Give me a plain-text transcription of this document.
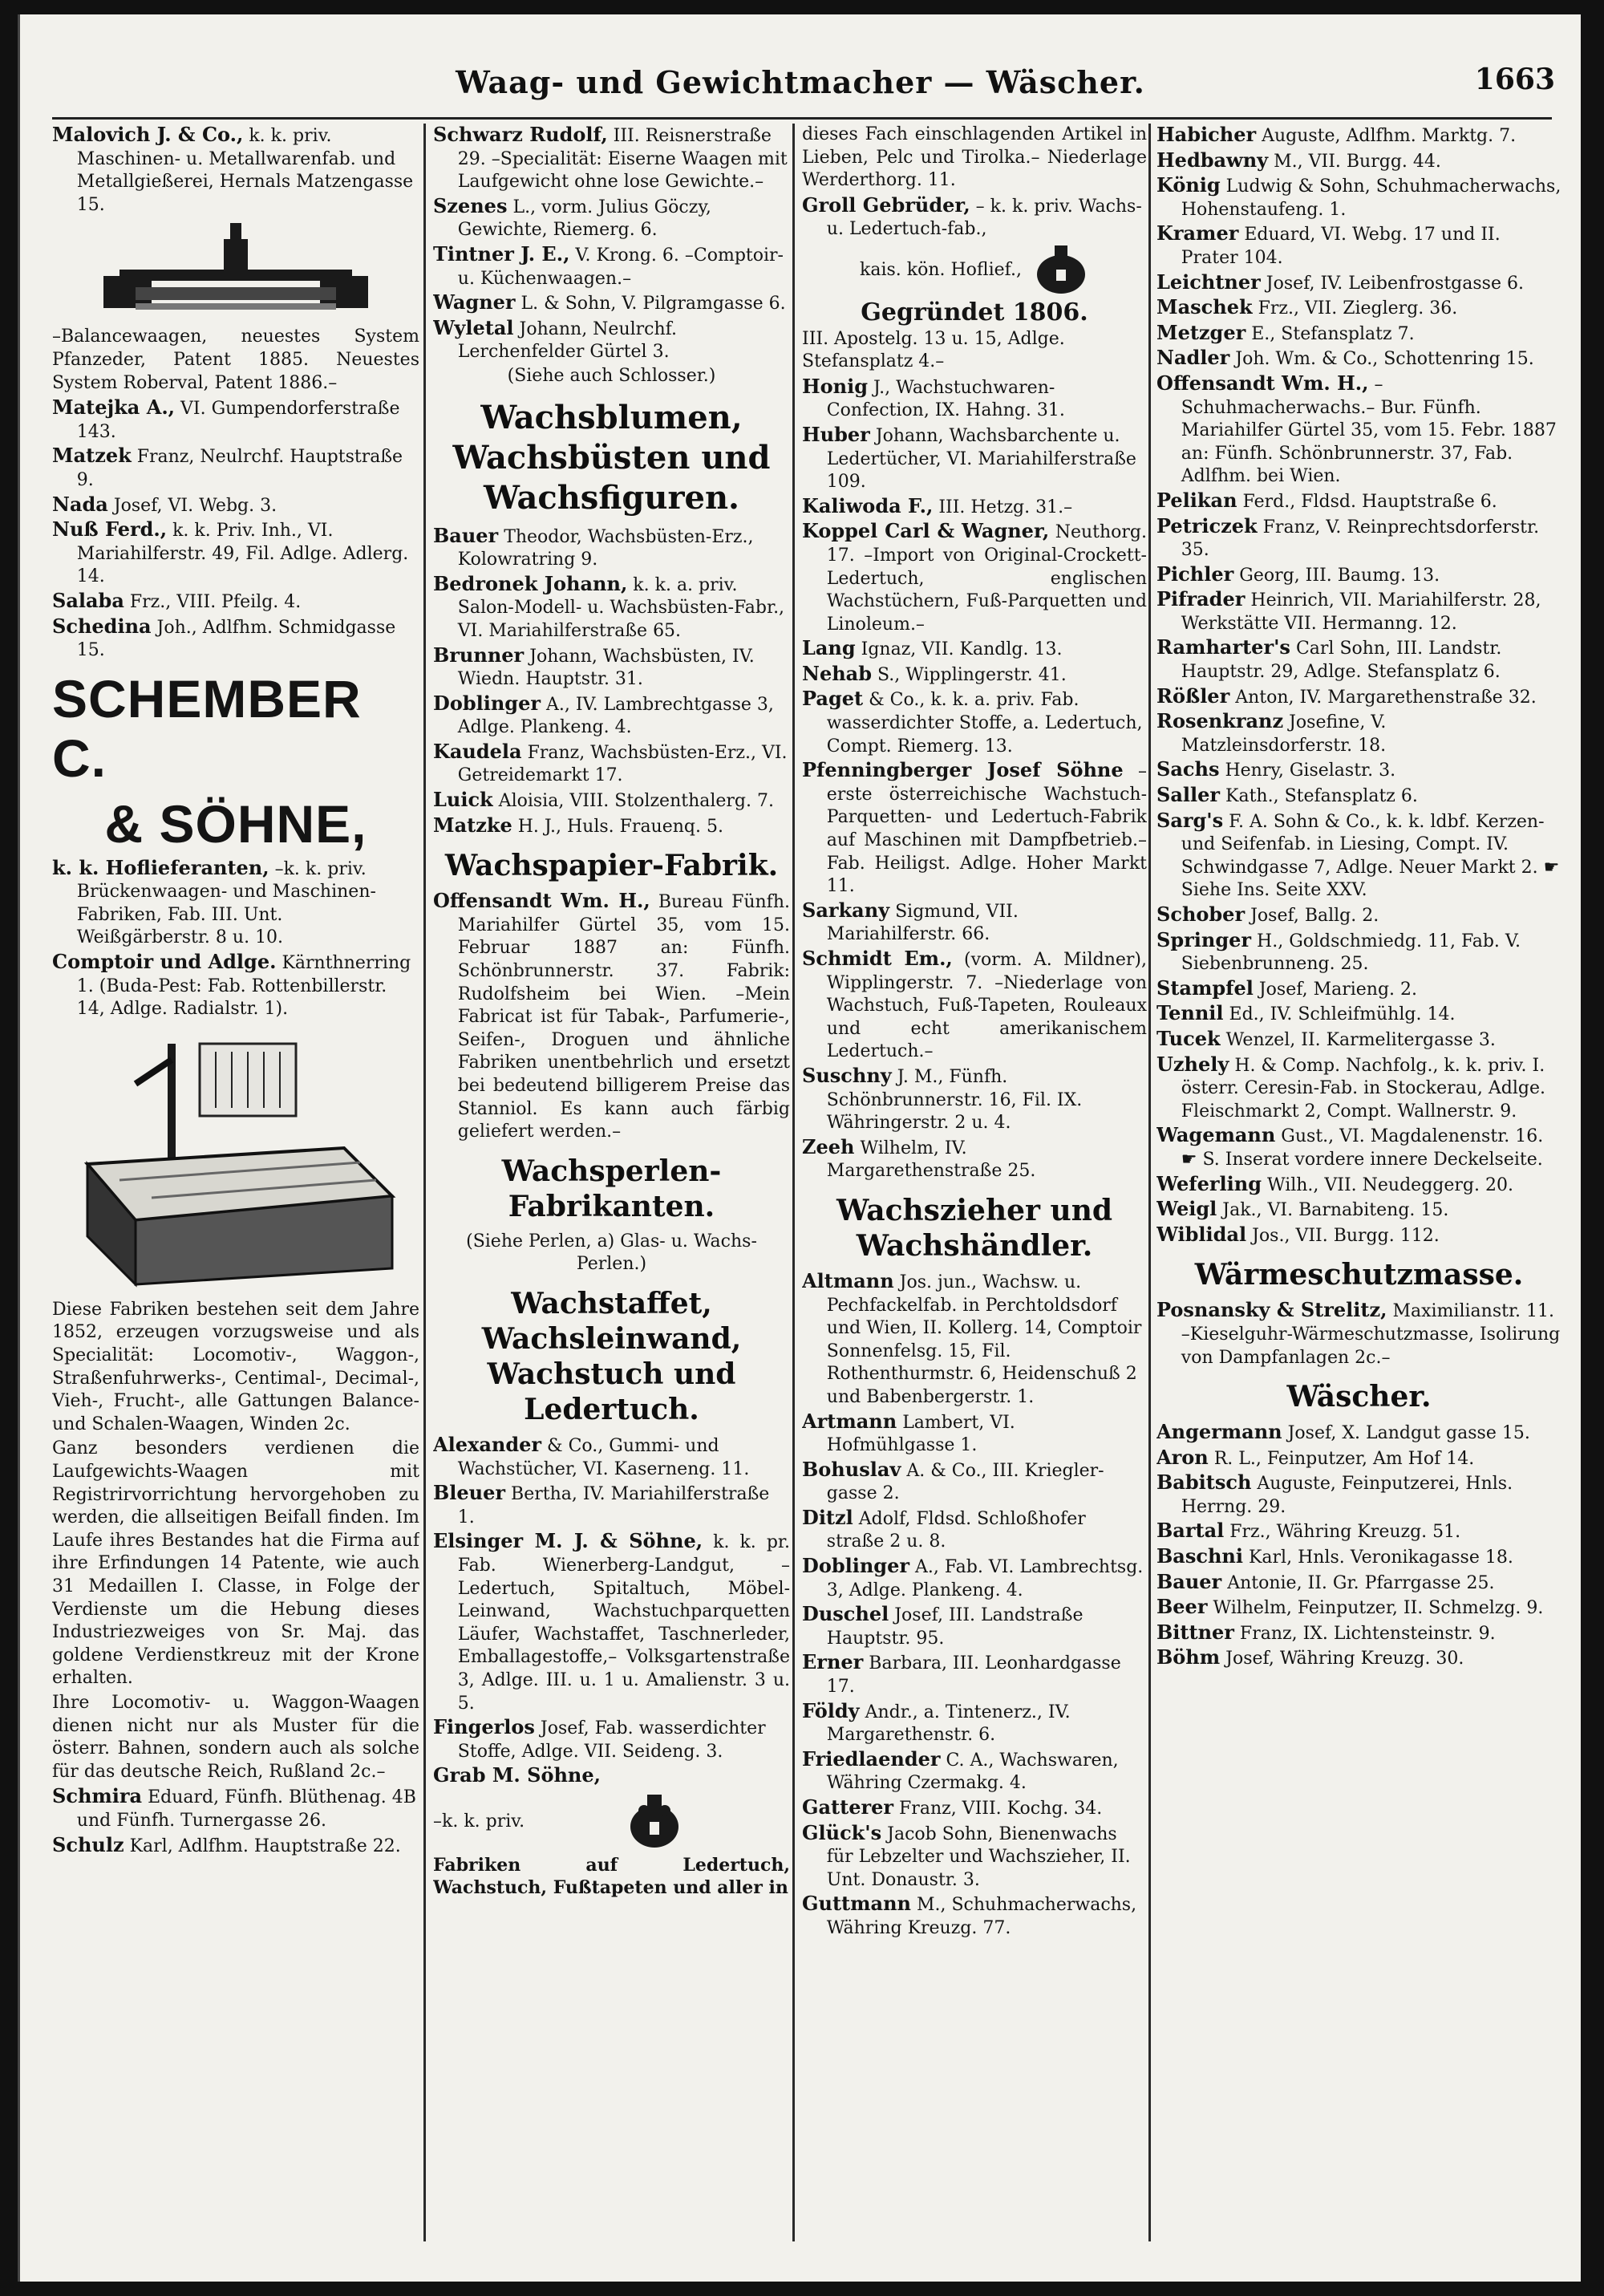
Waag- und Gewichtmacher — Wäscher.	1663

Malovich J. & Co., k. k. priv. Maschinen- u. Metallwarenfab. und Metallgießerei, Hernals Matzengasse 15.

–Balancewaagen, neuestes System Pfanzeder, Patent 1885. Neuestes System Roberval, Patent 1886.–

Matejka A., VI. Gumpendorferstraße 143.

Matzek Franz, Neulrchf. Hauptstraße 9.

Nada Josef, VI. Webg. 3.

Nuß Ferd., k. k. Priv. Inh., VI. Mariahilferstr. 49, Fil. Adlge. Adlerg. 14.

Salaba Frz., VIII. Pfeilg. 4.

Schedina Joh., Adlfhm. Schmidgasse 15.

SCHEMBER C.
& SÖHNE,

k. k. Hoflieferanten, –k. k. priv. Brückenwaagen- und Maschinen-Fabriken, Fab. III. Unt. Weißgärberstr. 8 u. 10.

Comptoir und Adlge. Kärnthnerring 1. (Buda-Pest: Fab. Rottenbillerstr. 14, Adlge. Radialstr. 1).

Diese Fabriken bestehen seit dem Jahre 1852, erzeugen vorzugsweise und als Specialität: Locomotiv-, Waggon-, Straßenfuhrwerks-, Centimal-, Decimal-, Vieh-, Frucht-, alle Gattungen Balance- und Schalen-Waagen, Winden 2c.

Ganz besonders verdienen die Laufgewichts-Waagen mit Registrirvorrichtung hervorgehoben zu werden, die allseitigen Beifall finden. Im Laufe ihres Bestandes hat die Firma auf ihre Erfindungen 14 Patente, wie auch 31 Medaillen I. Classe, in Folge der Verdienste um die Hebung dieses Industriezweiges von Sr. Maj. das goldene Verdienstkreuz mit der Krone erhalten.

Ihre Locomotiv- u. Waggon-Waagen dienen nicht nur als Muster für die österr. Bahnen, sondern auch als solche für das deutsche Reich, Rußland 2c.–

Schmira Eduard, Fünfh. Blüthenag. 4B und Fünfh. Turnergasse 26.

Schulz Karl, Adlfhm. Hauptstraße 22.

Schwarz Rudolf, III. Reisnerstraße 29. –Specialität: Eiserne Waagen mit Laufgewicht ohne lose Gewichte.–

Szenes L., vorm. Julius Göczy, Gewichte, Riemerg. 6.

Tintner J. E., V. Krong. 6. –Comptoir- u. Küchenwaagen.–

Wagner L. & Sohn, V. Pilgramgasse 6.

Wyletal Johann, Neulrchf. Lerchenfelder Gürtel 3.

(Siehe auch Schlosser.)

Wachsblumen, Wachsbüsten und Wachsfiguren.

Bauer Theodor, Wachsbüsten-Erz., Kolowratring 9.

Bedronek Johann, k. k. a. priv. Salon-Modell- u. Wachsbüsten-Fabr., VI. Mariahilferstraße 65.

Brunner Johann, Wachsbüsten, IV. Wiedn. Hauptstr. 31.

Doblinger A., IV. Lambrechtgasse 3, Adlge. Plankeng. 4.

Kaudela Franz, Wachsbüsten-Erz., VI. Getreidemarkt 17.

Luick Aloisia, VIII. Stolzenthalerg. 7.

Matzke H. J., Huls. Frauenq. 5.

Wachspapier-Fabrik.

Offensandt Wm. H., Bureau Fünfh. Mariahilfer Gürtel 35, vom 15. Februar 1887 an: Fünfh. Schönbrunnerstr. 37. Fabrik: Rudolfsheim bei Wien. –Mein Fabricat ist für Tabak-, Parfumerie-, Seifen-, Droguen und ähnliche Fabriken unentbehrlich und ersetzt bei bedeutend billigerem Preise das Stanniol. Es kann auch färbig geliefert werden.–

Wachsperlen-Fabrikanten.

(Siehe Perlen, a) Glas- u. Wachs-Perlen.)

Wachstaffet, Wachsleinwand, Wachstuch und Ledertuch.

Alexander & Co., Gummi- und Wachstücher, VI. Kaserneng. 11.

Bleuer Bertha, IV. Mariahilferstraße 1.

Elsinger M. J. & Söhne, k. k. pr. Fab. Wienerberg-Landgut, –Ledertuch, Spitaltuch, Möbel-Leinwand, Wachstuchparquetten Läufer, Wachstaffet, Taschnerleder, Emballagestoffe,– Volksgartenstraße 3, Adlge. III. u. 1 u. Amalienstr. 3 u. 5.

Fingerlos Josef, Fab. wasserdichter Stoffe, Adlge. VII. Seideng. 3.

Grab M. Söhne,

–k. k. priv.

Fabriken auf Ledertuch, Wachstuch, Fußtapeten und aller in

dieses Fach einschlagenden Artikel in Lieben, Pelc und Tirolka.– Niederlage Werderthorg. 11.

Groll Gebrüder, – k. k. priv. Wachs- u. Ledertuch-fab.,

kais. kön. Hoflief.,
Gegründet 1806.

III. Apostelg. 13 u. 15, Adlge. Stefansplatz 4.–

Honig J., Wachstuchwaren-Confection, IX. Hahng. 31.

Huber Johann, Wachsbarchente u. Ledertücher, VI. Mariahilferstraße 109.

Kaliwoda F., III. Hetzg. 31.–

Koppel Carl & Wagner, Neuthorg. 17. –Import von Original-Crockett-Ledertuch, englischen Wachstüchern, Fuß-Parquetten und Linoleum.–

Lang Ignaz, VII. Kandlg. 13.

Nehab S., Wipplingerstr. 41.

Paget & Co., k. k. a. priv. Fab. wasserdichter Stoffe, a. Ledertuch, Compt. Riemerg. 13.

Pfenningberger Josef Söhne –erste österreichische Wachstuch-Parquetten- und Ledertuch-Fabrik auf Maschinen mit Dampfbetrieb.– Fab. Heiligst. Adlge. Hoher Markt 11.

Sarkany Sigmund, VII. Mariahilferstr. 66.

Schmidt Em., (vorm. A. Mildner), Wipplingerstr. 7. –Niederlage von Wachstuch, Fuß-Tapeten, Rouleaux und echt amerikanischem Ledertuch.–

Suschny J. M., Fünfh. Schönbrunnerstr. 16, Fil. IX. Währingerstr. 2 u. 4.

Zeeh Wilhelm, IV. Margarethenstraße 25.

Wachszieher und Wachshändler.

Altmann Jos. jun., Wachsw. u. Pechfackelfab. in Perchtoldsdorf und Wien, II. Kollerg. 14, Comptoir Sonnenfelsg. 15, Fil. Rothenthurmstr. 6, Heidenschuß 2 und Babenbergerstr. 1.

Artmann Lambert, VI. Hofmühlgasse 1.

Bohuslav A. & Co., III. Kriegler-gasse 2.

Ditzl Adolf, Fldsd. Schloßhofer straße 2 u. 8.

Doblinger A., Fab. VI. Lambrechtsg. 3, Adlge. Plankeng. 4.

Duschel Josef, III. Landstraße Hauptstr. 95.

Erner Barbara, III. Leonhardgasse 17.

Földy Andr., a. Tintenerz., IV. Margarethenstr. 6.

Friedlaender C. A., Wachswaren, Währing Czermakg. 4.

Gatterer Franz, VIII. Kochg. 34.

Glück's Jacob Sohn, Bienenwachs für Lebzelter und Wachszieher, II. Unt. Donaustr. 3.

Guttmann M., Schuhmacherwachs, Währing Kreuzg. 77.

Habicher Auguste, Adlfhm. Marktg. 7.

Hedbawny M., VII. Burgg. 44.

König Ludwig & Sohn, Schuhmacherwachs, Hohenstaufeng. 1.

Kramer Eduard, VI. Webg. 17 und II. Prater 104.

Leichtner Josef, IV. Leibenfrostgasse 6.

Maschek Frz., VII. Zieglerg. 36.

Metzger E., Stefansplatz 7.

Nadler Joh. Wm. & Co., Schottenring 15.

Offensandt Wm. H., –Schuhmacherwachs.– Bur. Fünfh. Mariahilfer Gürtel 35, vom 15. Febr. 1887 an: Fünfh. Schönbrunnerstr. 37, Fab. Adlfhm. bei Wien.

Pelikan Ferd., Fldsd. Hauptstraße 6.

Petriczek Franz, V. Reinprechtsdorferstr. 35.

Pichler Georg, III. Baumg. 13.

Pifrader Heinrich, VII. Mariahilferstr. 28, Werkstätte VII. Hermanng. 12.

Ramharter's Carl Sohn, III. Landstr. Hauptstr. 29, Adlge. Stefansplatz 6.

Rößler Anton, IV. Margarethenstraße 32.

Rosenkranz Josefine, V. Matzleinsdorferstr. 18.

Sachs Henry, Giselastr. 3.

Saller Kath., Stefansplatz 6.

Sarg's F. A. Sohn & Co., k. k. ldbf. Kerzen- und Seifenfab. in Liesing, Compt. IV. Schwindgasse 7, Adlge. Neuer Markt 2. ☛ Siehe Ins. Seite XXV.

Schober Josef, Ballg. 2.

Springer H., Goldschmiedg. 11, Fab. V. Siebenbrunneng. 25.

Stampfel Josef, Marieng. 2.

Tennil Ed., IV. Schleifmühlg. 14.

Tucek Wenzel, II. Karmelitergasse 3.

Uzhely H. & Comp. Nachfolg., k. k. priv. I. österr. Ceresin-Fab. in Stockerau, Adlge. Fleischmarkt 2, Compt. Wallnerstr. 9.

Wagemann Gust., VI. Magdalenenstr. 16. ☛ S. Inserat vordere innere Deckelseite.

Weferling Wilh., VII. Neudeggerg. 20.

Weigl Jak., VI. Barnabiteng. 15.

Wiblidal Jos., VII. Burgg. 112.

Wärmeschutzmasse.

Posnansky & Strelitz, Maximilianstr. 11. –Kieselguhr-Wärmeschutzmasse, Isolirung von Dampfanlagen 2c.–

Wäscher.

Angermann Josef, X. Landgut gasse 15.

Aron R. L., Feinputzer, Am Hof 14.

Babitsch Auguste, Feinputzerei, Hnls. Herrng. 29.

Bartal Frz., Währing Kreuzg. 51.

Baschni Karl, Hnls. Veronikagasse 18.

Bauer Antonie, II. Gr. Pfarrgasse 25.

Beer Wilhelm, Feinputzer, II. Schmelzg. 9.

Bittner Franz, IX. Lichtensteinstr. 9.

Böhm Josef, Währing Kreuzg. 30.
